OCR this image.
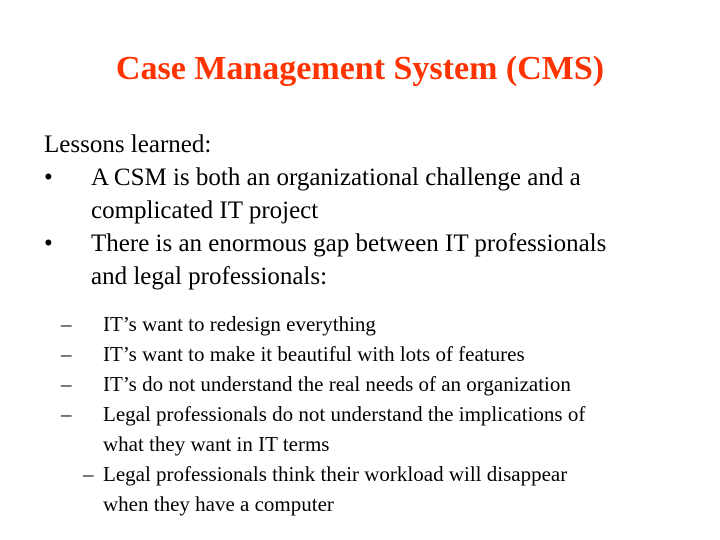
Case Management System (CMS)

Lessons learned:

•	A CSM is both an organizational challenge and a
complicated IT project
•	There is an enormous gap between IT professionals
and legal professionals:
– IT’s want to redesign everything
– IT’s want to make it beautiful with lots of features
– IT’s do not understand the real needs of an organization
– Legal professionals do not understand the implications of
what they want in IT terms
– Legal professionals think their workload will disappear
when they have a computer
